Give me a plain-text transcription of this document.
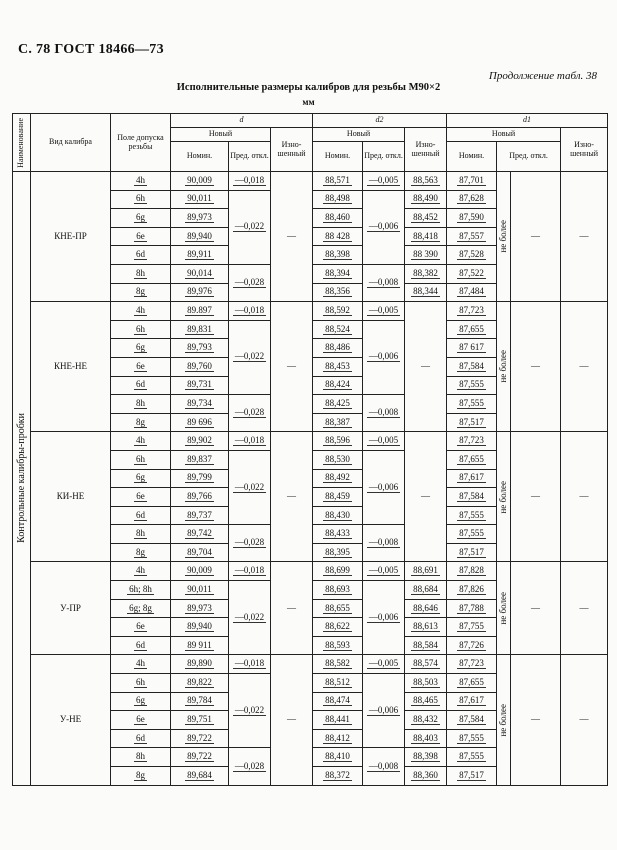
С. 78 ГОСТ 18466—73
Продолжение табл. 38
Исполнительные размеры калибров для резьбы М90×2
мм
Наименование	Вид калибра	Поле допуска резьбы	d			d2			d1			
			Новый		Изно-шенный	Новый		Изно-шенный	Новый			Изно-шенный
			Номин.	Пред. откл.		Номин.	Пред. откл.		Номин.	Пред. откл.		

Контрольные калибры-пробки	КНЕ-ПР	4h	90,009	—0,018	—	88,571	—0,005	88,563	87,701	не более	—	—
		6h	90,011	—0,022		88,498	—0,006	88,490	87,628			
		6g	89,973			88,460		88,452	87,590			
		6e	89,940			88 428		88,418	87,557			
		6d	89,911			88,398		88 390	87,528			
		8h	90,014	—0,028		88,394	—0,008	88,382	87,522			
		8g	89,976			88,356		88,344	87,484			
	КНЕ-НЕ	4h	89.897	—0,018	—	88,592	—0,005	—	87,723	не более	—	—
		6h	89,831	—0,022		88,524	—0,006		87,655			
		6g	89,793			88,486			87 617			
		6e	89,760			88,453			87,584			
		6d	89,731			88,424			87,555			
		8h	89,734	—0,028		88,425	—0,008		87,555			
		8g	89 696			88,387			87,517			
	КИ-НЕ	4h	89,902	—0,018	—	88,596	—0,005	—	87,723	не более	—	—
		6h	89,837	—0,022		88,530	—0,006		87,655			
		6g	89,799			88,492			87,617			
		6e	89,766			88,459			87,584			
		6d	89,737			88,430			87,555			
		8h	89,742	—0,028		88,433	—0,008		87,555			
		8g	89,704			88,395			87,517			
	У-ПР	4h	90,009	—0,018	—	88,699	—0,005	88,691	87,828	не более	—	—
		6h; 8h	90,011	—0,022		88,693	—0,006	88,684	87,826			
		6g; 8g	89,973			88,655		88,646	87,788			
		6e	89,940			88,622		88,613	87,755			
		6d	89 911			88,593		88,584	87,726			
	У-НЕ	4h	89,890	—0,018	—	88,582	—0,005	88,574	87,723	не более	—	—
		6h	89,822	—0,022		88,512	—0,006	88,503	87,655			
		6g	89,784			88,474		88,465	87,617			
		6e	89,751			88,441		88,432	87,584			
		6d	89,722			88,412		88,403	87,555			
		8h	89,722	—0,028		88,410	—0,008	88,398	87,555			
		8g	89,684			88,372		88,360	87,517			
